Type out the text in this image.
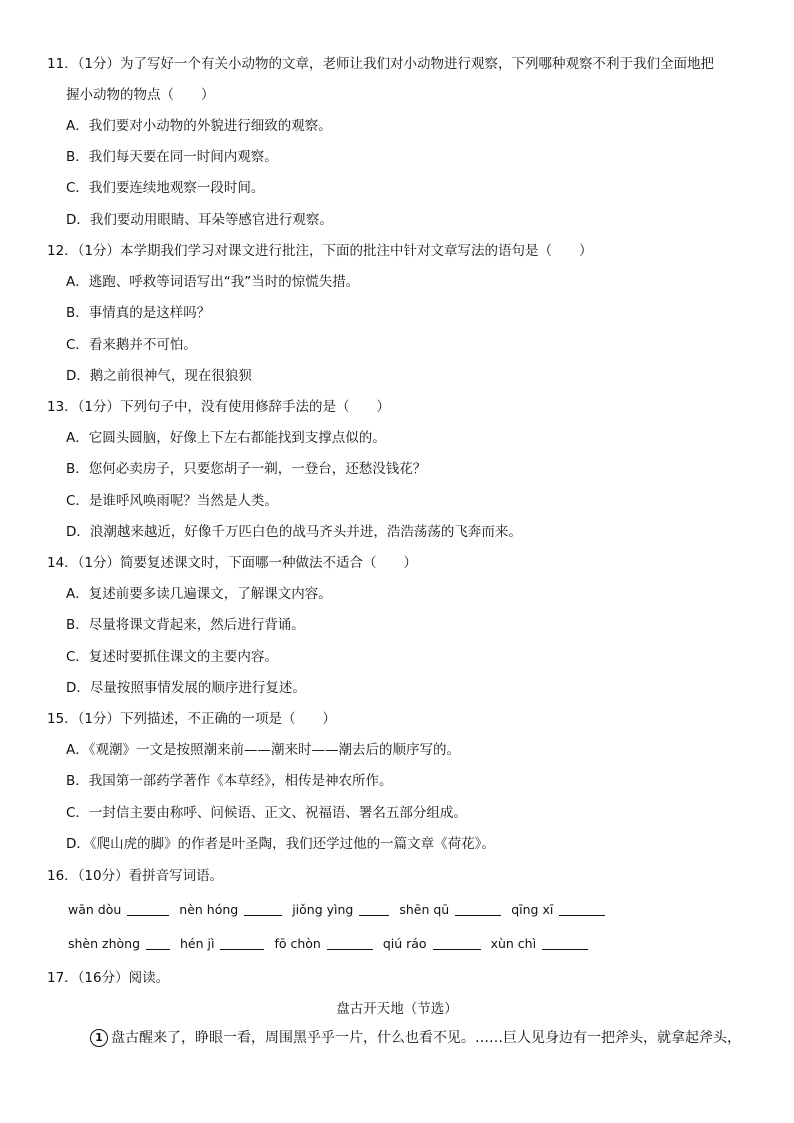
11．（1分）为了写好一个有关小动物的文章，老师让我们对小动物进行观察，下列哪种观察不利于我们全面地把
握小动物的物点（　　）
A．我们要对小动物的外貌进行细致的观察。
B．我们每天要在同一时间内观察。
C．我们要连续地观察一段时间。
D．我们要动用眼睛、耳朵等感官进行观察。
12．（1分）本学期我们学习对课文进行批注，下面的批注中针对文章写法的语句是（　　）
A．逃跑、呼救等词语写出“我”当时的惊慌失措。
B．事情真的是这样吗？
C．看来鹅并不可怕。
D．鹅之前很神气，现在很狼狈
13．（1分）下列句子中，没有使用修辞手法的是（　　）
A．它圆头圆脑，好像上下左右都能找到支撑点似的。
B．您何必卖房子，只要您胡子一剃，一登台，还愁没钱花？
C．是谁呼风唤雨呢？当然是人类。
D．浪潮越来越近，好像千万匹白色的战马齐头并进，浩浩荡荡的飞奔而来。
14．（1分）简要复述课文时，下面哪一种做法不适合（　　）
A．复述前要多读几遍课文，了解课文内容。
B．尽量将课文背起来，然后进行背诵。
C．复述时要抓住课文的主要内容。
D．尽量按照事情发展的顺序进行复述。
15．（1分）下列描述，不正确的一项是（　　）
A．《观潮》一文是按照潮来前——潮来时——潮去后的顺序写的。
B．我国第一部药学著作《本草经》，相传是神农所作。
C．一封信主要由称呼、问候语、正文、祝福语、署名五部分组成。
D．《爬山虎的脚》的作者是叶圣陶，我们还学过他的一篇文章《荷花》。
16．（10分）看拼音写词语。
wān dòu	nèn hóng	jiǒng yìng	shēn qū	qīng xī
shèn zhòng	hén jì	fō chòn	qiú ráo	xùn chì
17．（16分）阅读。
盘古开天地（节选）
1 盘古醒来了，睁眼一看，周围黑乎乎一片，什么也看不见。……巨人见身边有一把斧头，就拿起斧头，
